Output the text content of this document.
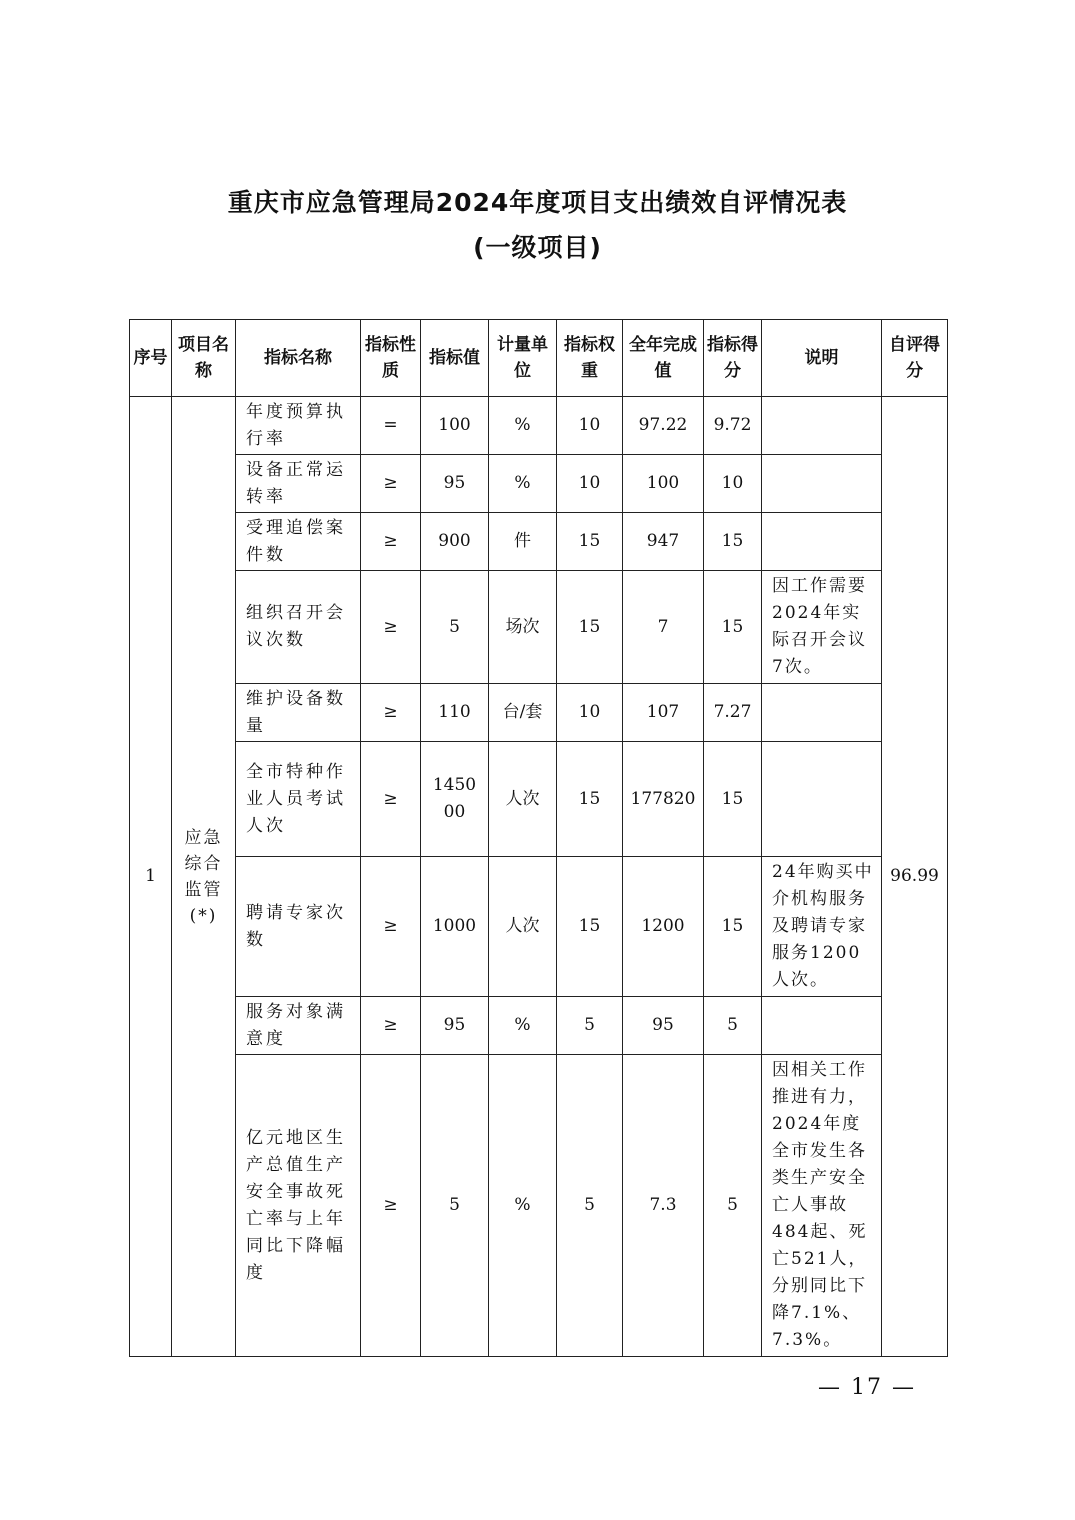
重庆市应急管理局2024年度项目支出绩效自评情况表
(一级项目)
序号	项目名称	指标名称	指标性质	指标值	计量单位	指标权重	全年完成值	指标得分	说明	自评得分
1	应急综合监管(*)	年度预算执行率	=	100	%	10	97.22	9.72		96.99
		设备正常运转率	≥	95	%	10	100	10		
		受理追偿案件数	≥	900	件	15	947	15		
		组织召开会议次数	≥	5	场次	15	7	15	因工作需要2024年实际召开会议7次。	
		维护设备数量	≥	110	台/套	10	107	7.27		
		全市特种作业人员考试人次	≥	145000	人次	15	177820	15		
		聘请专家次数	≥	1000	人次	15	1200	15	24年购买中介机构服务及聘请专家服务1200人次。	
		服务对象满意度	≥	95	%	5	95	5		
		亿元地区生产总值生产安全事故死亡率与上年同比下降幅度	≥	5	%	5	7.3	5	因相关工作推进有力，2024年度全市发生各类生产安全亡人事故484起、死亡521人，分别同比下降7.1%、7.3%。	
— 17 —
